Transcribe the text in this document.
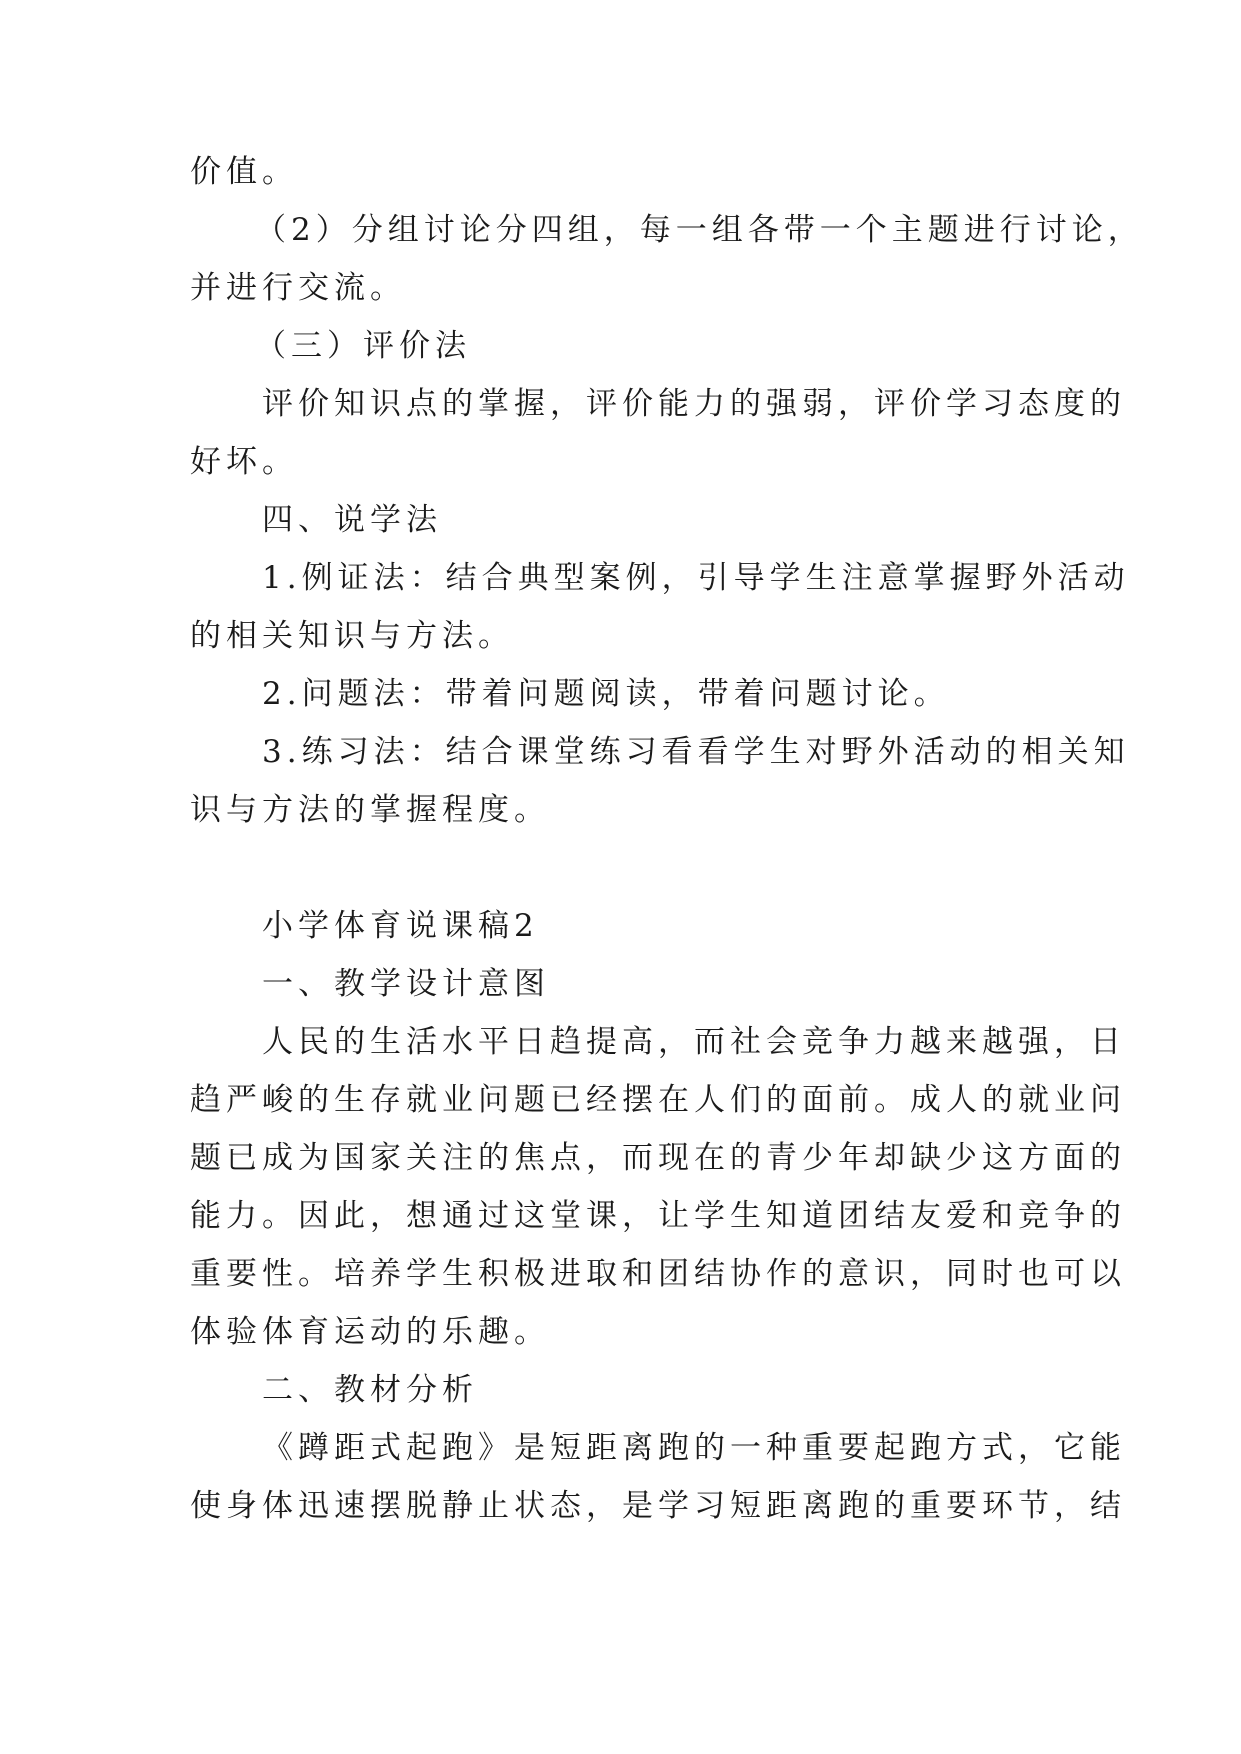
价值。
（2）分组讨论分四组，每一组各带一个主题进行讨论，
并进行交流。
（三）评价法
评价知识点的掌握，评价能力的强弱，评价学习态度的
好坏。
四、说学法
1.例证法：结合典型案例，引导学生注意掌握野外活动
的相关知识与方法。
2.问题法：带着问题阅读，带着问题讨论。
3.练习法：结合课堂练习看看学生对野外活动的相关知
识与方法的掌握程度。
小学体育说课稿2
一、教学设计意图
人民的生活水平日趋提高，而社会竞争力越来越强，日
趋严峻的生存就业问题已经摆在人们的面前。成人的就业问
题已成为国家关注的焦点，而现在的青少年却缺少这方面的
能力。因此，想通过这堂课，让学生知道团结友爱和竞争的
重要性。培养学生积极进取和团结协作的意识，同时也可以
体验体育运动的乐趣。
二、教材分析
《蹲距式起跑》是短距离跑的一种重要起跑方式，它能
使身体迅速摆脱静止状态，是学习短距离跑的重要环节，结
